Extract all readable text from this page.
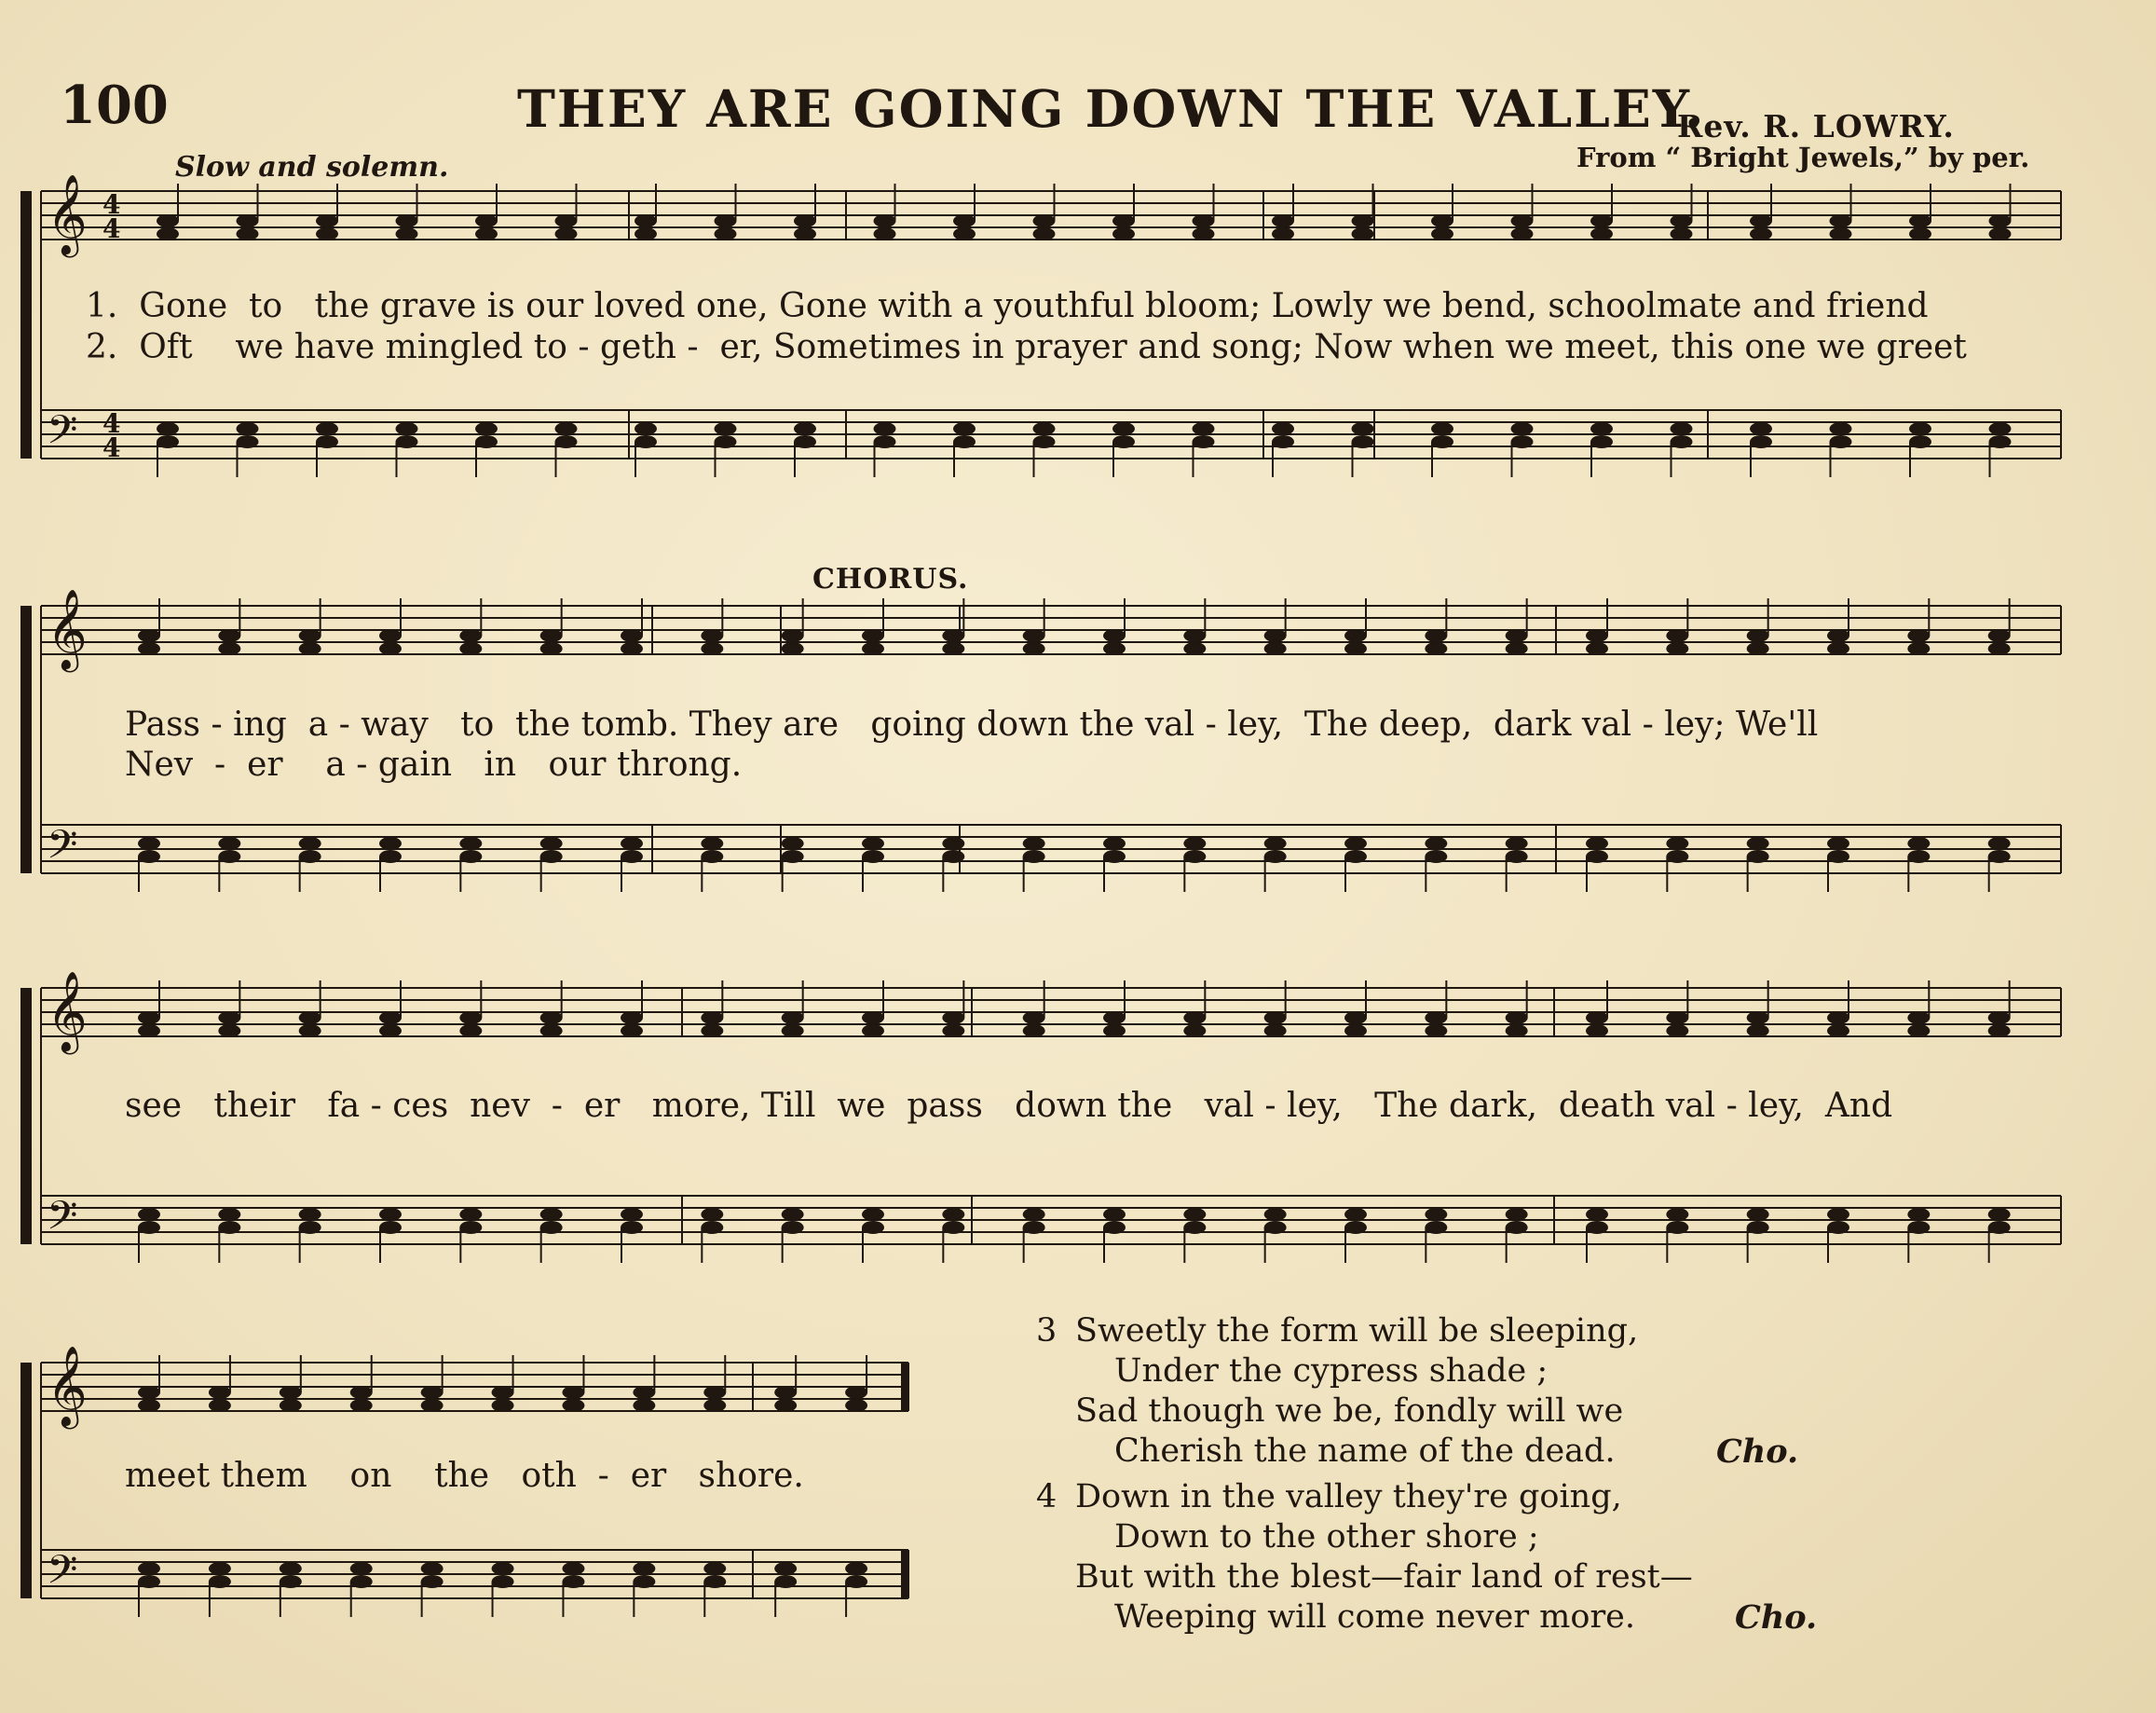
100	THEY ARE GOING DOWN THE VALLEY.
Rev. R. LOWRY.
From “ Bright Jewels,” by per.
Slow and solemn.
CHORUS.
𝄞
𝄢
4
4
4
4
𝄞
𝄢
𝄞
𝄢
𝄞
𝄢
1.  Gone  to   the grave is our loved one, Gone with a youthful bloom; Lowly we bend, schoolmate and friend
2.  Oft    we have mingled to - geth -  er, Sometimes in prayer and song; Now when we meet, this one we greet
Pass - ing  a - way   to  the tomb. They are   going down the val - ley,  The deep,  dark val - ley; We'll
Nev  -  er    a - gain   in   our throng.
see   their   fa - ces  nev  -  er   more, Till  we  pass   down the   val - ley,   The dark,  death val - ley,  And
meet them    on    the   oth  -  er   shore.
3 Sweetly the form will be sleeping,
Under the cypress shade ;
Sad though we be, fondly will we
Cherish the name of the dead.	Cho.
4 Down in the valley they're going,
Down to the other shore ;
But with the blest—fair land of rest—
Weeping will come never more.	Cho.
